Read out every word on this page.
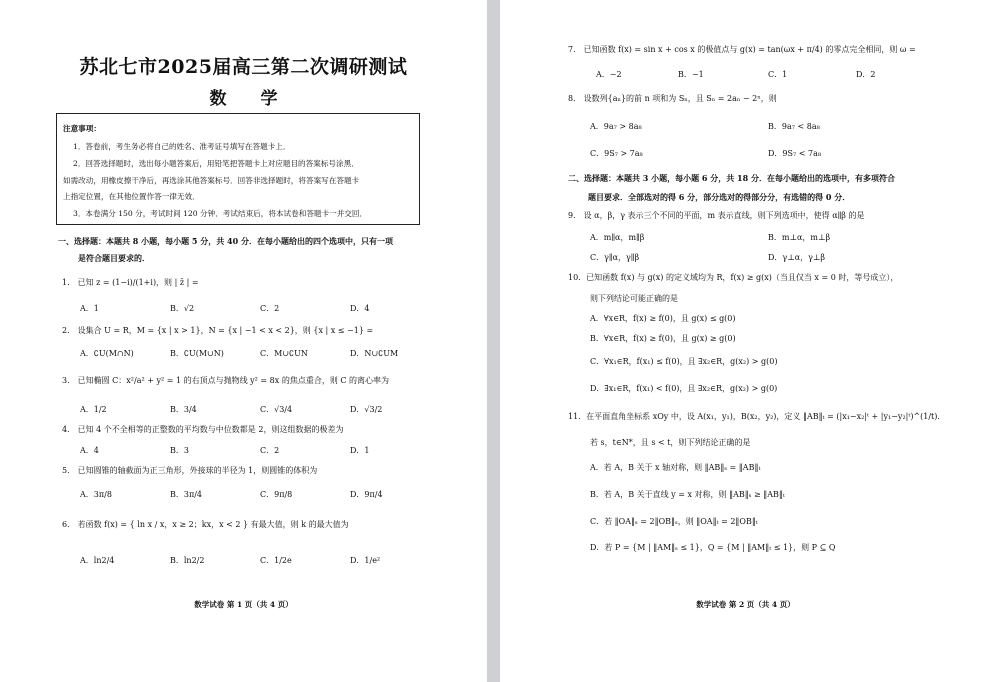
苏北七市2025届高三第二次调研测试
数 学
注意事项：
1．答卷前，考生务必将自己的姓名、准考证号填写在答题卡上．
2．回答选择题时，选出每小题答案后，用铅笔把答题卡上对应题目的答案标号涂黑．
如需改动，用橡皮擦干净后，再选涂其他答案标号．回答非选择题时，将答案写在答题卡
上指定位置，在其他位置作答一律无效．
3．本卷满分 150 分，考试时间 120 分钟．考试结束后，将本试卷和答题卡一并交回．
一、选择题：本题共 8 小题，每小题 5 分，共 40 分．在每小题给出的四个选项中，只有一项
是符合题目要求的．
1． 已知 z = (1−i)/(1+i)，则 | z̄ | =
A．1	B．√2	C．2	D．4
2． 设集合 U = R，M = {x | x > 1}，N = {x | −1 < x < 2}，则 {x | x ≤ −1} =
A．∁U(M∩N)	B．∁U(M∪N)	C．M∪∁UN	D．N∪∁UM
3． 已知椭圆 C：x²/a² + y² = 1 的右顶点与抛物线 y² = 8x 的焦点重合，则 C 的离心率为
A．1/2	B．3/4	C．√3/4	D．√3/2
4． 已知 4 个不全相等的正整数的平均数与中位数都是 2，则这组数据的极差为
A．4	B．3	C．2	D．1
5． 已知圆锥的轴截面为正三角形，外接球的半径为 1，则圆锥的体积为
A．3π/8	B．3π/4	C．9π/8	D．9π/4
6． 若函数 f(x) = { ln x / x，x ≥ 2；kx，x < 2 } 有最大值，则 k 的最大值为
A．ln2/4	B．ln2/2	C．1/2e	D．1/e²
数学试卷 第 1 页（共 4 页）
7． 已知函数 f(x) = sin x + cos x 的极值点与 g(x) = tan(ωx + π/4) 的零点完全相同，则 ω =
A．−2	B．−1	C．1	D．2
8． 设数列{aₙ}的前 n 项和为 Sₙ，且 Sₙ = 2aₙ − 2ⁿ，则
A．9a₇ > 8a₈	B．9a₇ < 8a₈
C．9S₇ > 7a₈	D．9S₇ < 7a₈
二、选择题：本题共 3 小题，每小题 6 分，共 18 分．在每小题给出的选项中，有多项符合
题目要求．全部选对的得 6 分，部分选对的得部分分，有选错的得 0 分．
9． 设 α，β，γ 表示三个不同的平面，m 表示直线，则下列选项中，使得 α∥β 的是
A．m∥α，m∥β	B．m⊥α，m⊥β
C．γ∥α，γ∥β	D．γ⊥α，γ⊥β
10．已知函数 f(x) 与 g(x) 的定义域均为 R，f(x) ≥ g(x)（当且仅当 x = 0 时，等号成立），
则下列结论可能正确的是
A．∀x∈R，f(x) ≥ f(0)，且 g(x) ≤ g(0)
B．∀x∈R，f(x) ≥ f(0)，且 g(x) ≥ g(0)
C．∀x₁∈R，f(x₁) ≤ f(0)，且 ∃x₂∈R，g(x₂) > g(0)
D．∃x₁∈R，f(x₁) < f(0)，且 ∃x₂∈R，g(x₂) > g(0)
11．在平面直角坐标系 xOy 中，设 A(x₁，y₁)，B(x₂，y₂)，定义 ‖AB‖ₜ = (|x₁−x₂|ᵗ + |y₁−y₂|ᵗ)^(1/t)．
若 s，t∈N*，且 s < t，则下列结论正确的是
A．若 A，B 关于 x 轴对称，则 ‖AB‖ₛ = ‖AB‖ₜ
B．若 A，B 关于直线 y = x 对称，则 ‖AB‖ₛ ≥ ‖AB‖ₜ
C．若 ‖OA‖ₛ = 2‖OB‖ₛ，则 ‖OA‖ₜ = 2‖OB‖ₜ
D．若 P = {M | ‖AM‖ₛ ≤ 1}，Q = {M | ‖AM‖ₜ ≤ 1}，则 P ⊆ Q
数学试卷 第 2 页（共 4 页）
